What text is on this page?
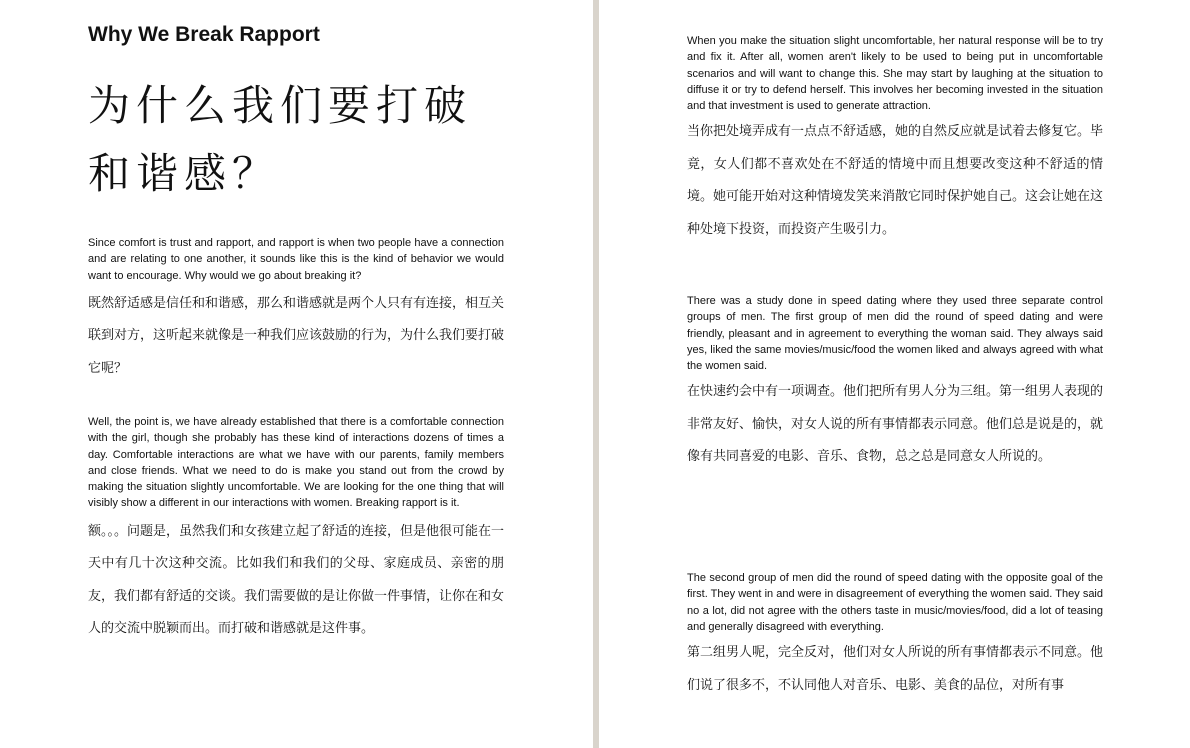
Why We Break Rapport
为什么我们要打破和谐感？

Since comfort is trust and rapport, and rapport is when two people have a connection and are relating to one another, it sounds like this is the kind of behavior we would want to encourage. Why would we go about breaking it?

既然舒适感是信任和和谐感，那么和谐感就是两个人只有有连接，相互关联到对方，这听起来就像是一种我们应该鼓励的行为，为什么我们要打破它呢？

Well, the point is, we have already established that there is a comfortable connection with the girl, though she probably has these kind of interactions dozens of times a day. Comfortable interactions are what we have with our parents, family members and close friends. What we need to do is make you stand out from the crowd by making the situation slightly uncomfortable. We are looking for the one thing that will visibly show a different in our interactions with women. Breaking rapport is it.

额。。。问题是，虽然我们和女孩建立起了舒适的连接，但是他很可能在一天中有几十次这种交流。比如我们和我们的父母、家庭成员、亲密的朋友，我们都有舒适的交谈。我们需要做的是让你做一件事情，让你在和女人的交流中脱颖而出。而打破和谐感就是这件事。

When you make the situation slight uncomfortable, her natural response will be to try and fix it. After all, women aren't likely to be used to being put in uncomfortable scenarios and will want to change this. She may start by laughing at the situation to diffuse it or try to defend herself. This involves her becoming invested in the situation and that investment is used to generate attraction.

当你把处境弄成有一点点不舒适感，她的自然反应就是试着去修复它。毕竟，女人们都不喜欢处在不舒适的情境中而且想要改变这种不舒适的情境。她可能开始对这种情境发笑来消散它同时保护她自己。这会让她在这种处境下投资，而投资产生吸引力。

There was a study done in speed dating where they used three separate control groups of men. The first group of men did the round of speed dating and were friendly, pleasant and in agreement to everything the woman said. They always said yes, liked the same movies/music/food the women liked and always agreed with what the women said.

在快速约会中有一项调查。他们把所有男人分为三组。第一组男人表现的非常友好、愉快，对女人说的所有事情都表示同意。他们总是说是的，就像有共同喜爱的电影、音乐、食物，总之总是同意女人所说的。

The second group of men did the round of speed dating with the opposite goal of the first. They went in and were in disagreement of everything the women said. They said no a lot, did not agree with the others taste in music/movies/food, did a lot of teasing and generally disagreed with everything.

第二组男人呢，完全反对，他们对女人所说的所有事情都表示不同意。他们说了很多不，不认同他人对音乐、电影、美食的品位，对所有事
